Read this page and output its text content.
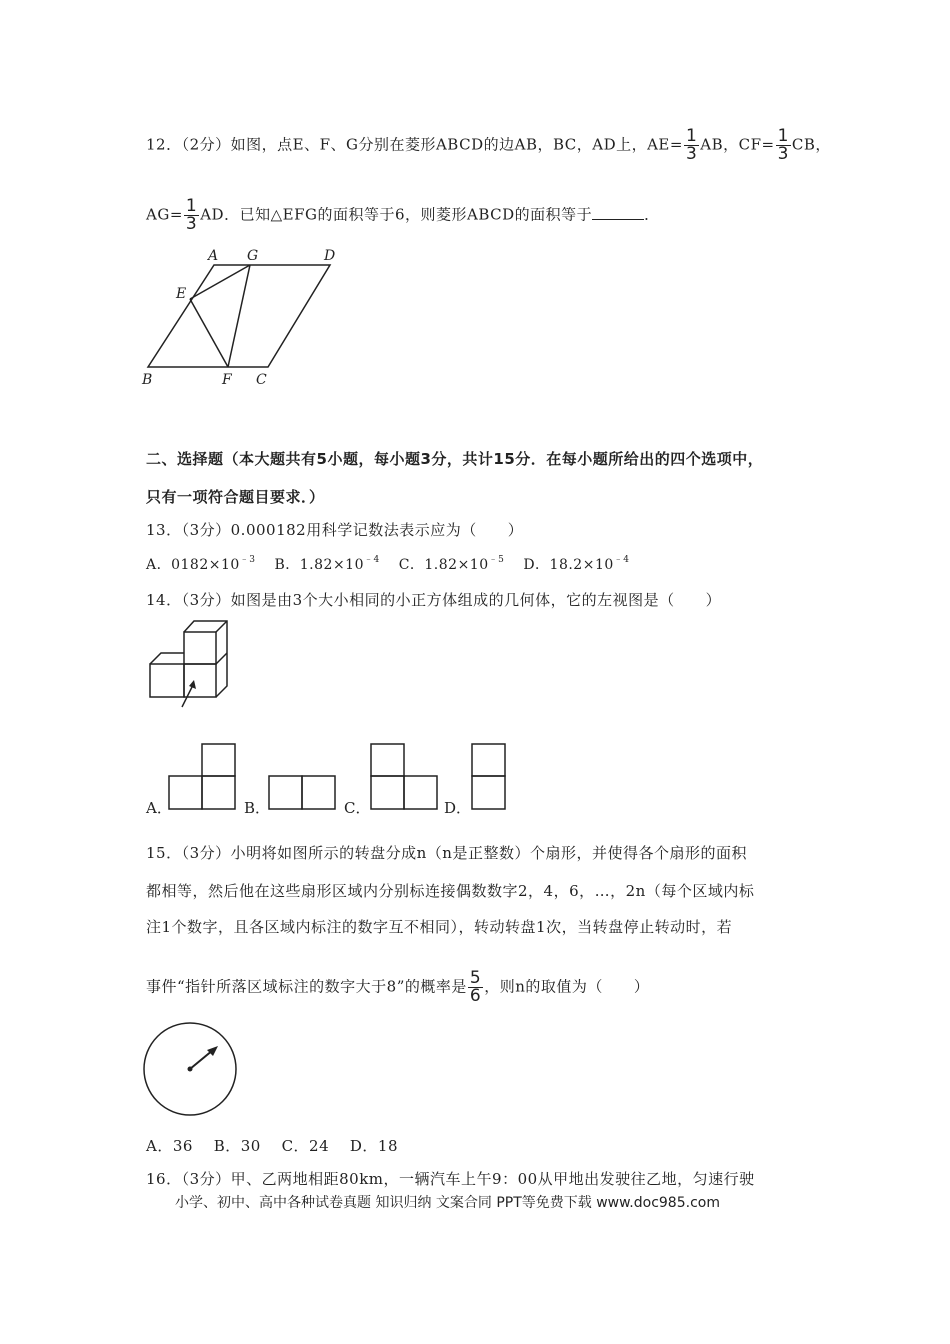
12．（2分）如图，点E、F、G分别在菱形ABCD的边AB，BC，AD上，$AE= \frac{1}{3}$ AB，$CF= \frac{1}{3}$ CB，
$AG= \frac{1}{3}$ AD．已知△EFG的面积等于6，则菱形ABCD的面积等于	．
A G	D
E
B	F C
二、选择题（本大题共有5小题，每小题3分，共计15分．在每小题所给出的四个选项中，
只有一项符合题目要求．）
13．（3分）0.000182用科学记数法表示应为（　　）
A．$0182\times 10^{﹣3}$ B．$1.82\times 10^{﹣4}$ C．$1.82\times 10^{﹣5}$ D．$18.2\times 10^{﹣4}$
14．（3分）如图是由3个大小相同的小正方体组成的几何体，它的左视图是（　　）
A．	B．	C．	D．
15．（3分）小明将如图所示的转盘分成n（n是正整数）个扇形，并使得各个扇形的面积
都相等，然后他在这些扇形区域内分别标连接偶数数字2，4，6，…，2n（每个区域内标
注1个数字，且各区域内标注的数字互不相同），转动转盘1次，当转盘停止转动时，若
事件“指针所落区域标注的数字大于8”的概率是 $\frac{5}{6}$ ，则n的取值为（　　）
A．36　 B．30　 C．24　 D．18
16．（3分）甲、乙两地相距80km，一辆汽车上午9：00从甲地出发驶往乙地，匀速行驶
小学、初中、高中各种试卷真题 知识归纳 文案合同 PPT等免费下载 www.doc985.com
